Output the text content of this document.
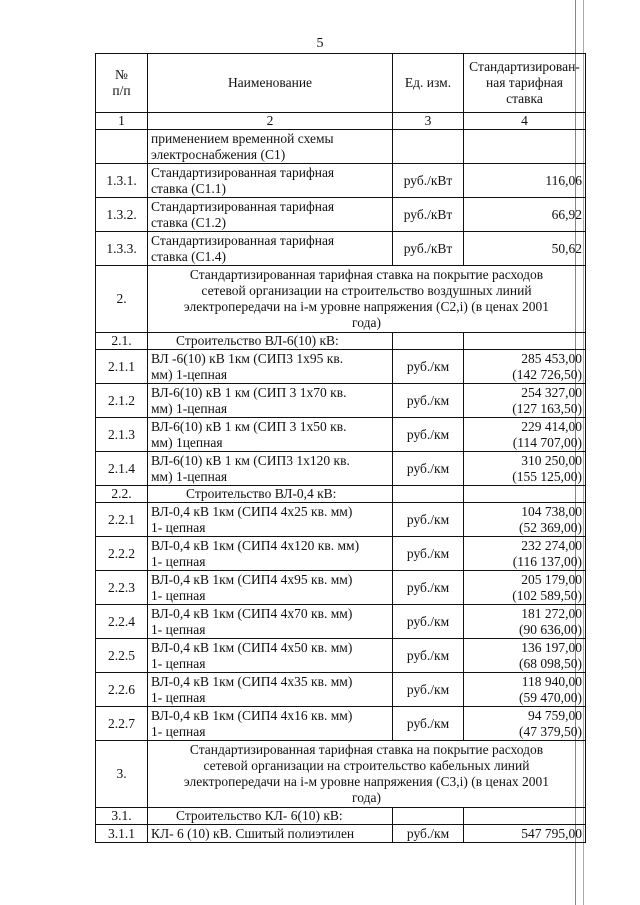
5
№
п/п	Наименование	Ед. изм.	Стандартизирован-
ная тарифная
ставка
1	2	3	4
	применением временной схемы
электроснабжения (С1)		
1.3.1.	Стандартизированная тарифная
ставка (С1.1)	руб./кВт	116,06
1.3.2.	Стандартизированная тарифная
ставка (С1.2)	руб./кВт	66,92
1.3.3.	Стандартизированная тарифная
ставка (С1.4)	руб./кВт	50,62
2.	Стандартизированная тарифная ставка на покрытие расходов
сетевой организации на строительство воздушных линий
электропередачи на i-м уровне напряжения (С2,i) (в ценах 2001
года)		
2.1.	Строительство ВЛ-6(10) кВ:		
2.1.1	ВЛ -6(10) кВ 1км (СИП3 1х95 кв.
мм) 1-цепная	руб./км	285 453,00
(142 726,50)
2.1.2	ВЛ-6(10) кВ 1 км (СИП 3 1х70 кв.
мм) 1-цепная	руб./км	254 327,00
(127 163,50)
2.1.3	ВЛ-6(10) кВ 1 км (СИП 3 1х50 кв.
мм) 1цепная	руб./км	229 414,00
(114 707,00)
2.1.4	ВЛ-6(10) кВ 1 км (СИП3 1х120 кв.
мм) 1-цепная	руб./км	310 250,00
(155 125,00)
2.2.	Строительство ВЛ-0,4 кВ:		
2.2.1	ВЛ-0,4 кВ 1км (СИП4 4х25 кв. мм)
1- цепная	руб./км	104 738,00
(52 369,00)
2.2.2	ВЛ-0,4 кВ 1км (СИП4 4х120 кв. мм)
1- цепная	руб./км	232 274,00
(116 137,00)
2.2.3	ВЛ-0,4 кВ 1км (СИП4 4х95 кв. мм)
1- цепная	руб./км	205 179,00
(102 589,50)
2.2.4	ВЛ-0,4 кВ 1км (СИП4 4х70 кв. мм)
1- цепная	руб./км	181 272,00
(90 636,00)
2.2.5	ВЛ-0,4 кВ 1км (СИП4 4х50 кв. мм)
1- цепная	руб./км	136 197,00
(68 098,50)
2.2.6	ВЛ-0,4 кВ 1км (СИП4 4х35 кв. мм)
1- цепная	руб./км	118 940,00
(59 470,00)
2.2.7	ВЛ-0,4 кВ 1км (СИП4 4х16 кв. мм)
1- цепная	руб./км	94 759,00
(47 379,50)
3.	Стандартизированная тарифная ставка на покрытие расходов
сетевой организации на строительство кабельных линий
электропередачи на i-м уровне напряжения (С3,i) (в ценах 2001
года)		
3.1.	Строительство КЛ- 6(10) кВ:		
3.1.1	КЛ- 6 (10) кВ. Сшитый полиэтилен	руб./км	547 795,00
